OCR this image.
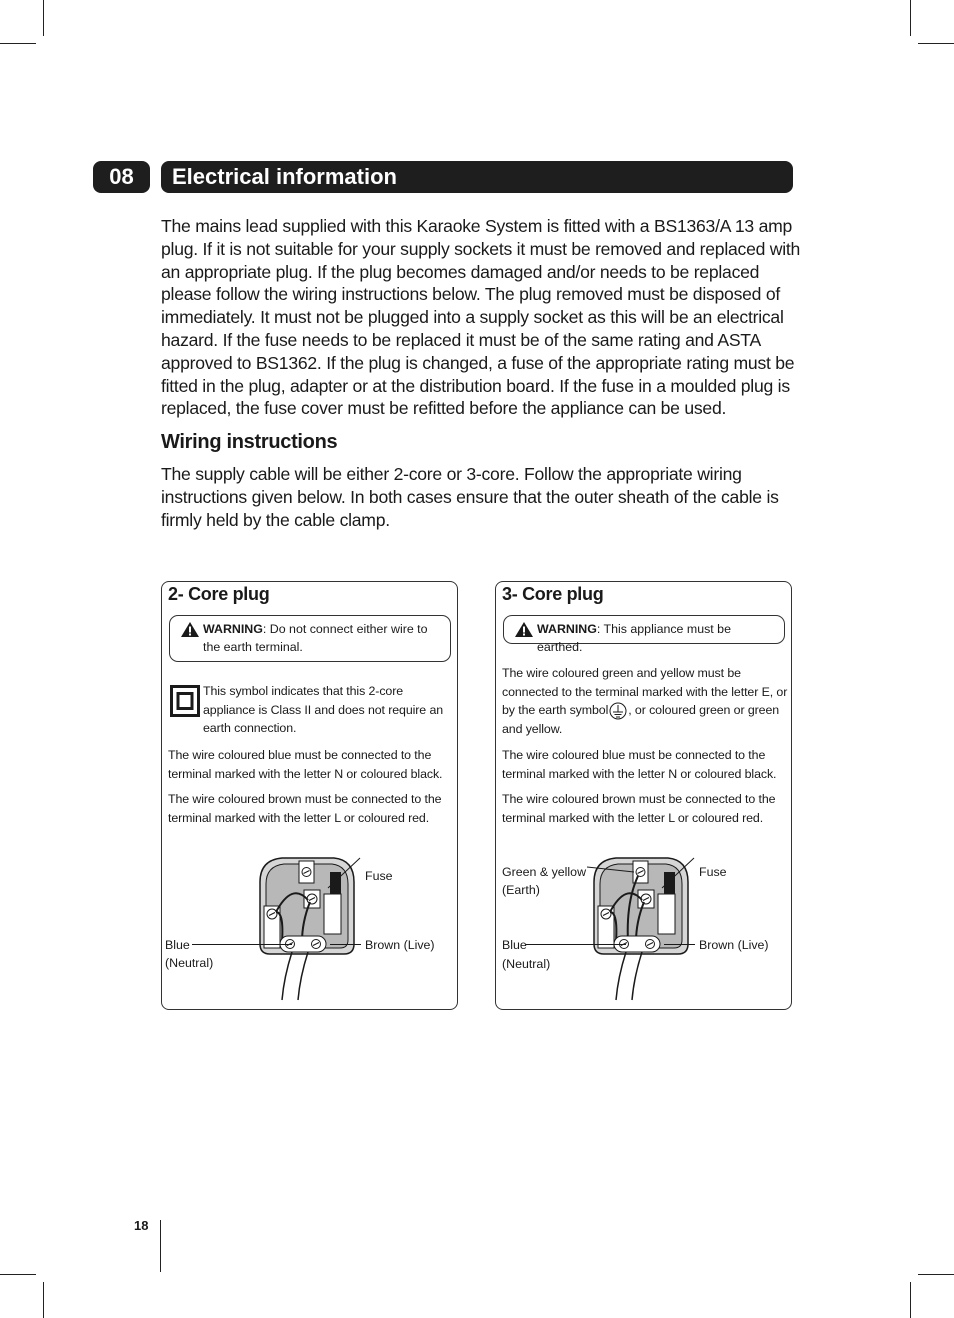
08	Electrical information

The mains lead supplied with this Karaoke System is fitted with a BS1363/A 13 amp plug. If it is not suitable for your supply sockets it must be removed and replaced with an appropriate plug. If the plug becomes damaged and/or needs to be replaced please follow the wiring instructions below. The plug removed must be disposed of immediately. It must not be plugged into a supply socket as this will be an electrical hazard. If the fuse needs to be replaced it must be of the same rating and ASTA approved to BS1362. If the plug is changed, a fuse of the appropriate rating must be fitted in the plug, adapter or at the distribution board. If the fuse in a moulded plug is replaced, the fuse cover must be refitted before the appliance can be used.

Wiring instructions

The supply cable will be either 2-core or 3-core. Follow the appropriate wiring instructions given below. In both cases ensure that the outer sheath of the cable is firmly held by the cable clamp.

2- Core plug
WARNING: Do not connect either wire to the earth terminal.

This symbol indicates that this 2-core appliance is Class II and does not require an earth connection.

The wire coloured blue must be connected to the terminal marked with the letter N or coloured black.

The wire coloured brown must be connected to the terminal marked with the letter L or coloured red.

Fuse

Blue

(Neutral)

Brown (Live)

3- Core plug
WARNING: This appliance must be earthed.

The wire coloured green and yellow must be connected to the terminal marked with the letter E, or by the earth symbol , or coloured green or green and yellow.

The wire coloured blue must be connected to the terminal marked with the letter N or coloured black.

The wire coloured brown must be connected to the terminal marked with the letter L or coloured red.

Green & yellow

(Earth)

Fuse

Blue

(Neutral)

Brown (Live)

18
